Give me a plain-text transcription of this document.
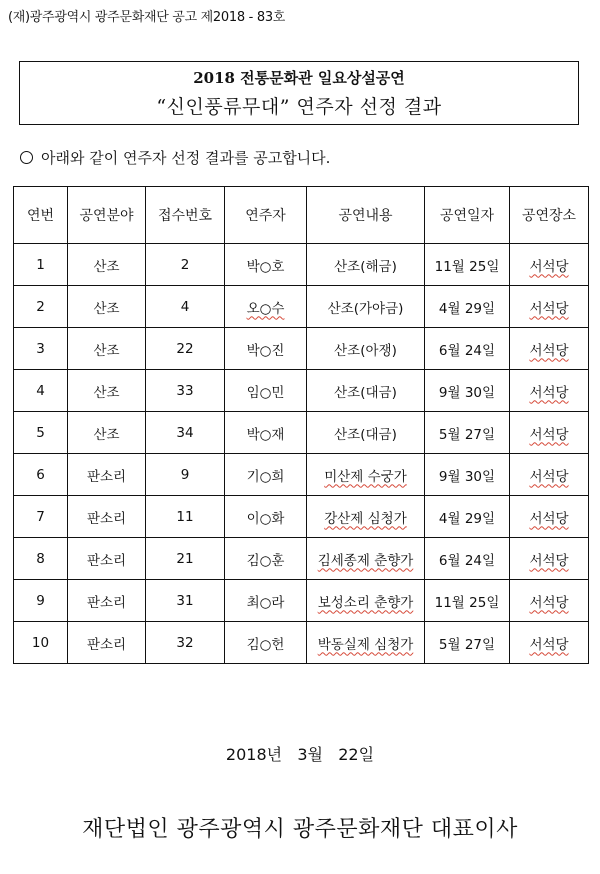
(재)광주광역시 광주문화재단 공고 제2018 - 83호
2018 전통문화관 일요상설공연
“신인풍류무대” 연주자 선정 결과
아래와 같이 연주자 선정 결과를 공고합니다.
연번	공연분야	접수번호	연주자	공연내용	공연일자	공연장소
1	산조	2	박○호	산조(해금)	11월 25일	서석당
2	산조	4	오○수	산조(가야금)	4월 29일	서석당
3	산조	22	박○진	산조(아쟁)	6월 24일	서석당
4	산조	33	임○민	산조(대금)	9월 30일	서석당
5	산조	34	박○재	산조(대금)	5월 27일	서석당
6	판소리	9	기○희	미산제 수궁가	9월 30일	서석당
7	판소리	11	이○화	강산제 심청가	4월 29일	서석당
8	판소리	21	김○훈	김세종제 춘향가	6월 24일	서석당
9	판소리	31	최○라	보성소리 춘향가	11월 25일	서석당
10	판소리	32	김○헌	박동실제 심청가	5월 27일	서석당
2018년   3월   22일
재단법인 광주광역시 광주문화재단 대표이사
